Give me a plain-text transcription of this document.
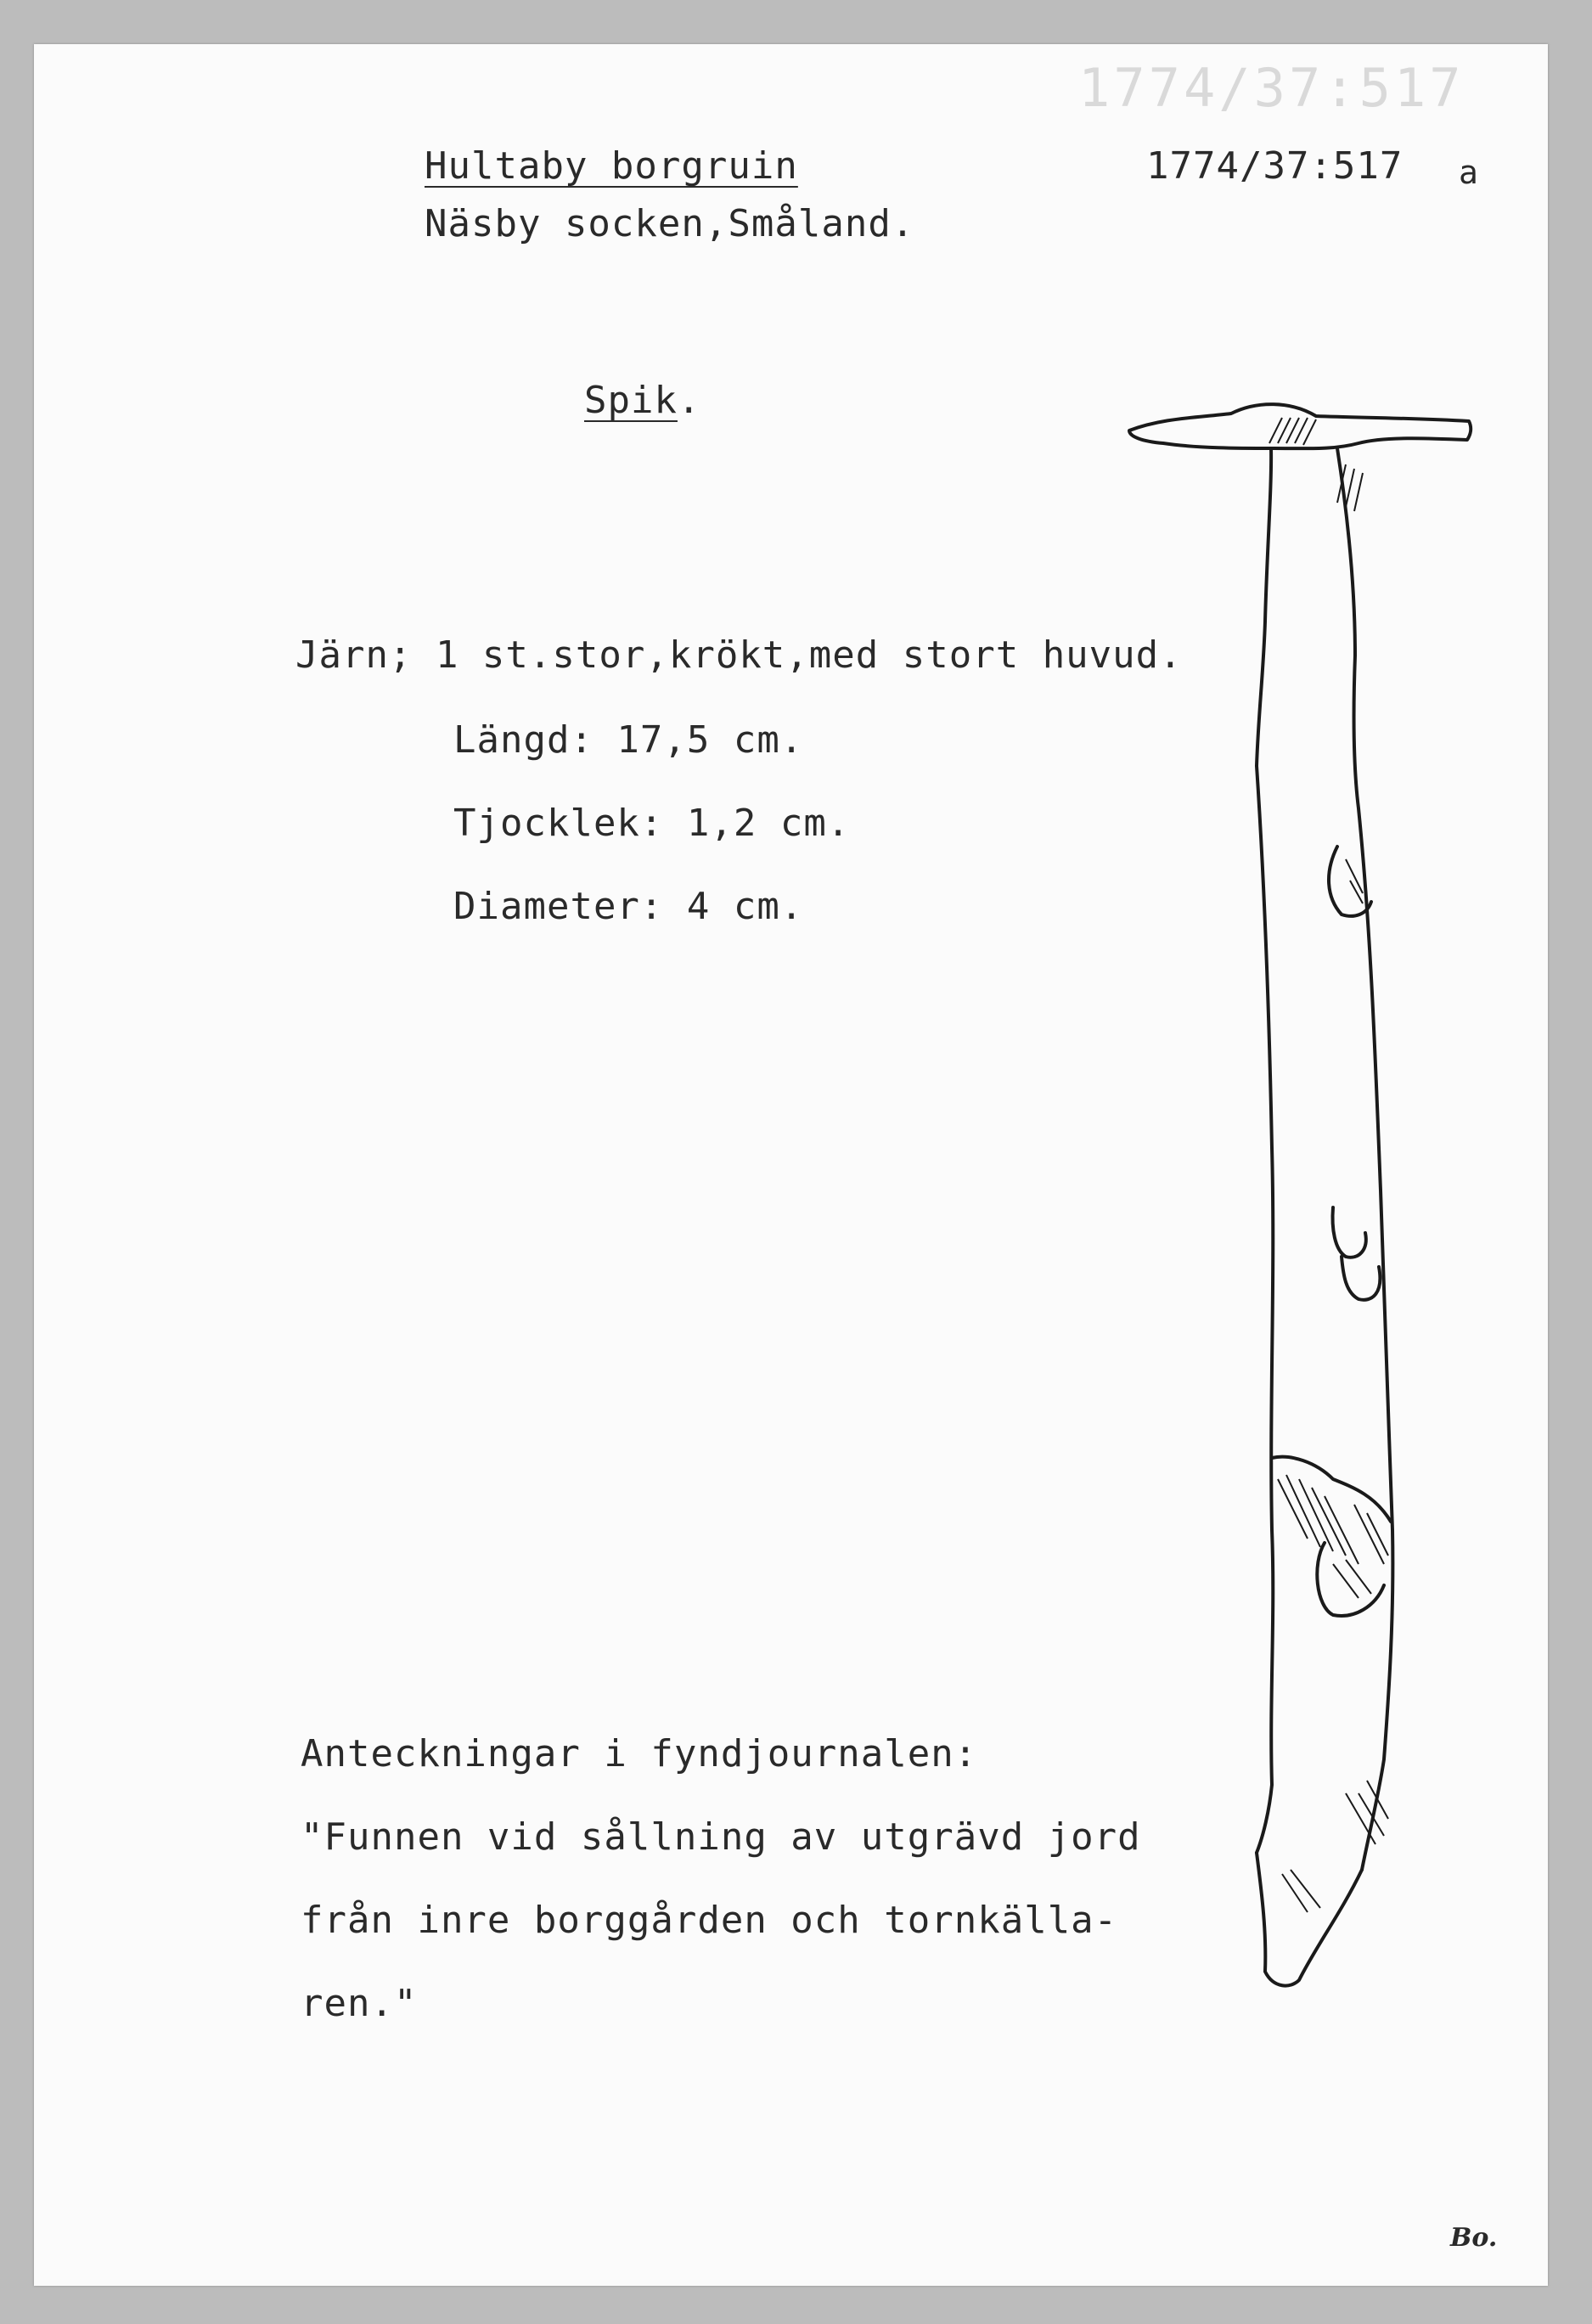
1774/37:517
Hultaby borgruin	1774/37:517 a
Näsby socken,Småland.
Spik.
Järn; 1 st.stor,krökt,med stort huvud.
Längd: 17,5 cm.
Tjocklek: 1,2 cm.
Diameter: 4 cm.
Anteckningar i fyndjournalen:
"Funnen vid sållning av utgrävd jord
från inre borggården och tornkälla-
ren."
Bo.
